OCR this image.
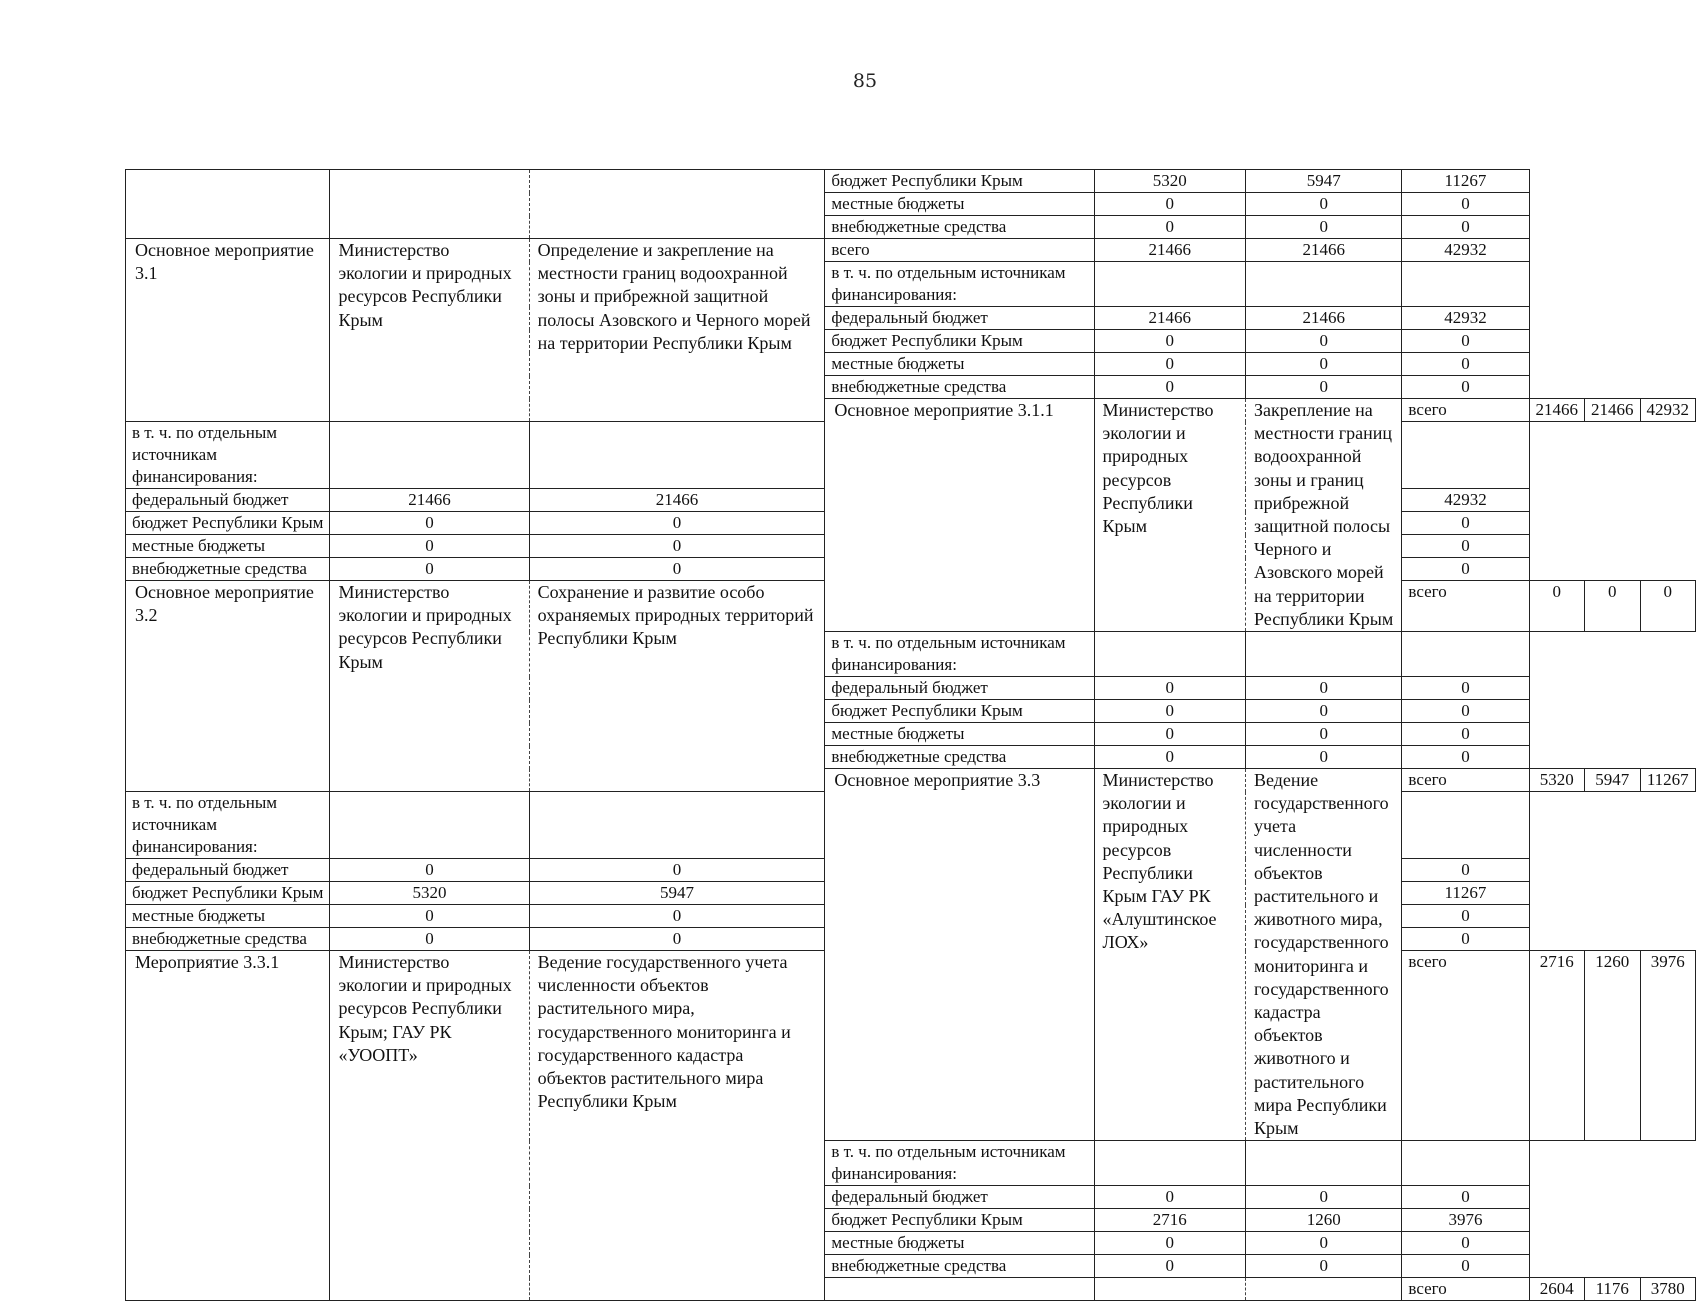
85
			бюджет Республики Крым	5320	5947	11267			
			местные бюджеты	0	0	0			
			внебюджетные средства	0	0	0			
Основное мероприятие 3.1	Министерство экологии и природных ресурсов Республики Крым	Определение и закрепление на местности границ водоохранной зоны и прибрежной защитной полосы Азовского и Черного морей на территории Республики Крым	всего	21466	21466	42932			
			в т. ч. по отдельным источникам финансирования:						
			федеральный бюджет	21466	21466	42932			
			бюджет Республики Крым	0	0	0			
			местные бюджеты	0	0	0			
			внебюджетные средства	0	0	0			
			Основное мероприятие 3.1.1	Министерство экологии и природных ресурсов Республики Крым	Закрепление на местности границ водоохранной зоны и границ прибрежной защитной полосы Черного и Азовского морей на территории Республики Крым	всего	21466	21466	42932
в т. ч. по отдельным источникам финансирования:									
федеральный бюджет	21466	21466				42932			
бюджет Республики Крым	0	0				0			
местные бюджеты	0	0				0			
внебюджетные средства	0	0				0			
Основное мероприятие 3.2	Министерство экологии и природных ресурсов Республики Крым	Сохранение и развитие особо охраняемых природных территорий Республики Крым				всего	0	0	0
			в т. ч. по отдельным источникам финансирования:						
			федеральный бюджет	0	0	0			
			бюджет Республики Крым	0	0	0			
			местные бюджеты	0	0	0			
			внебюджетные средства	0	0	0			
			Основное мероприятие 3.3	Министерство экологии и природных ресурсов Республики Крым ГАУ РК «Алуштинское ЛОХ»	Ведение государственного учета численности объектов растительного и животного мира, государственного мониторинга и государственного кадастра объектов животного и растительного мира Республики Крым	всего	5320	5947	11267
в т. ч. по отдельным источникам финансирования:									
федеральный бюджет	0	0				0			
бюджет Республики Крым	5320	5947				11267			
местные бюджеты	0	0				0			
внебюджетные средства	0	0				0			
Мероприятие 3.3.1	Министерство экологии и природных ресурсов Республики Крым; ГАУ РК «УООПТ»	Ведение государственного учета численности объектов растительного мира, государственного мониторинга и государственного кадастра объектов растительного мира Республики Крым				всего	2716	1260	3976
			в т. ч. по отдельным источникам финансирования:						
			федеральный бюджет	0	0	0			
			бюджет Республики Крым	2716	1260	3976			
			местные бюджеты	0	0	0			
			внебюджетные средства	0	0	0			
						всего	2604	1176	3780
